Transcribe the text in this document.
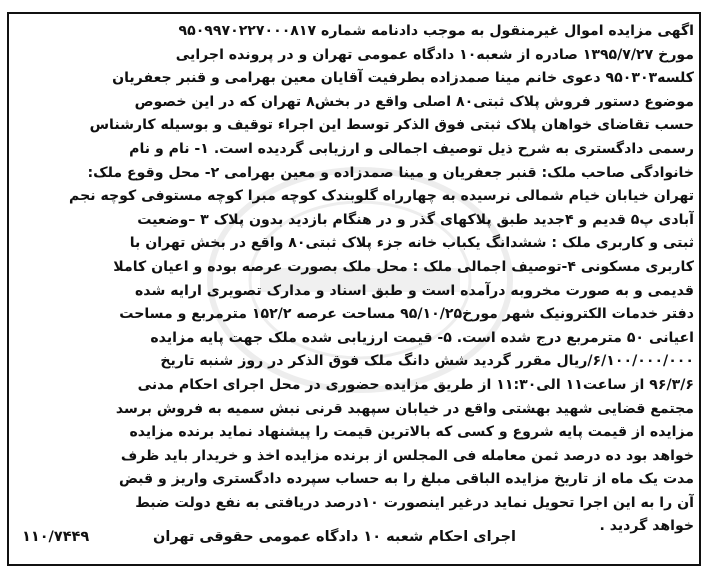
اگهی مزایده اموال غیرمنقول به موجب دادنامه شماره ۹۵۰۹۹۷۰۲۲۷۰۰۰۸۱۷
مورخ ۱۳۹۵/۷/۲۷ صادره از شعبه۱۰ دادگاه عمومی تهران و در پرونده اجرایی
کلسه۹۵۰۳۰۳ دعوی خانم مینا صمدزاده بطرفیت آقایان معین بهرامی و قنبر جعفریان
موضوع دستور فروش پلاک ثبتی۸۰ اصلی واقع در بخش۸ تهران که در این خصوص
حسب تقاضای خواهان پلاک ثبتی فوق الذکر توسط این اجراء توقیف و بوسیله کارشناس
رسمی دادگستری به شرح ذیل توصیف اجمالی و ارزیابی گردیده است. ۱- نام و نام
خانوادگی صاحب ملک: قنبر جعفریان و مینا صمدزاده و معین بهرامی ۲- محل وقوع ملک:
تهران خیابان خیام شمالی نرسیده به چهارراه گلوبندک کوچه مبرا کوچه مستوفی کوچه نجم
آبادی پ۵ قدیم و ۴جدید طبق پلاکهای گذر و در هنگام بازدید بدون پلاک ۳ –وضعیت
ثبتی و کاربری ملک : ششدانگ یکباب خانه جزء پلاک ثبتی۸۰ واقع در بخش تهران با
کاربری مسکونی ۴-توصیف اجمالی ملک : محل ملک بصورت عرصه بوده و اعیان کاملا
قدیمی و به صورت مخروبه درآمده است و طبق اسناد و مدارک تصویری ارایه شده
دفتر خدمات الکترونیک شهر مورخ۹۵/۱۰/۲۵ مساحت عرصه ۱۵۲/۲ مترمربع و مساحت
اعیانی ۵۰ مترمربع درج شده است. ۵- قیمت ارزیابی شده ملک جهت پایه مزایده
۶/۱۰۰/۰۰۰/۰۰۰/ریال مقرر گردید شش دانگ ملک فوق الذکر در روز شنبه تاریخ
۹۶/۳/۶ از ساعت۱۱ الی۱۱:۳۰ از طریق مزایده حضوری در محل اجرای احکام مدنی
مجتمع قضایی شهید بهشتی واقع در خیابان سپهبد قرنی نبش سمیه به فروش برسد
مزایده از قیمت پایه شروع و کسی که بالاترین قیمت را پیشنهاد نماید برنده مزایده
خواهد بود ده درصد ثمن معامله فی المجلس از برنده مزایده اخذ و خریدار باید ظرف
مدت یک ماه از تاریخ مزایده الباقی مبلغ را به حساب سپرده دادگستری واریز و قبض
آن را به این اجرا تحویل نماید درغیر اینصورت ۱۰درصد دریافتی به نفع دولت ضبط
خواهد گردید .
اجرای احکام شعبه ۱۰ دادگاه عمومی حقوقی تهران
۱۱۰/۷۴۴۹
